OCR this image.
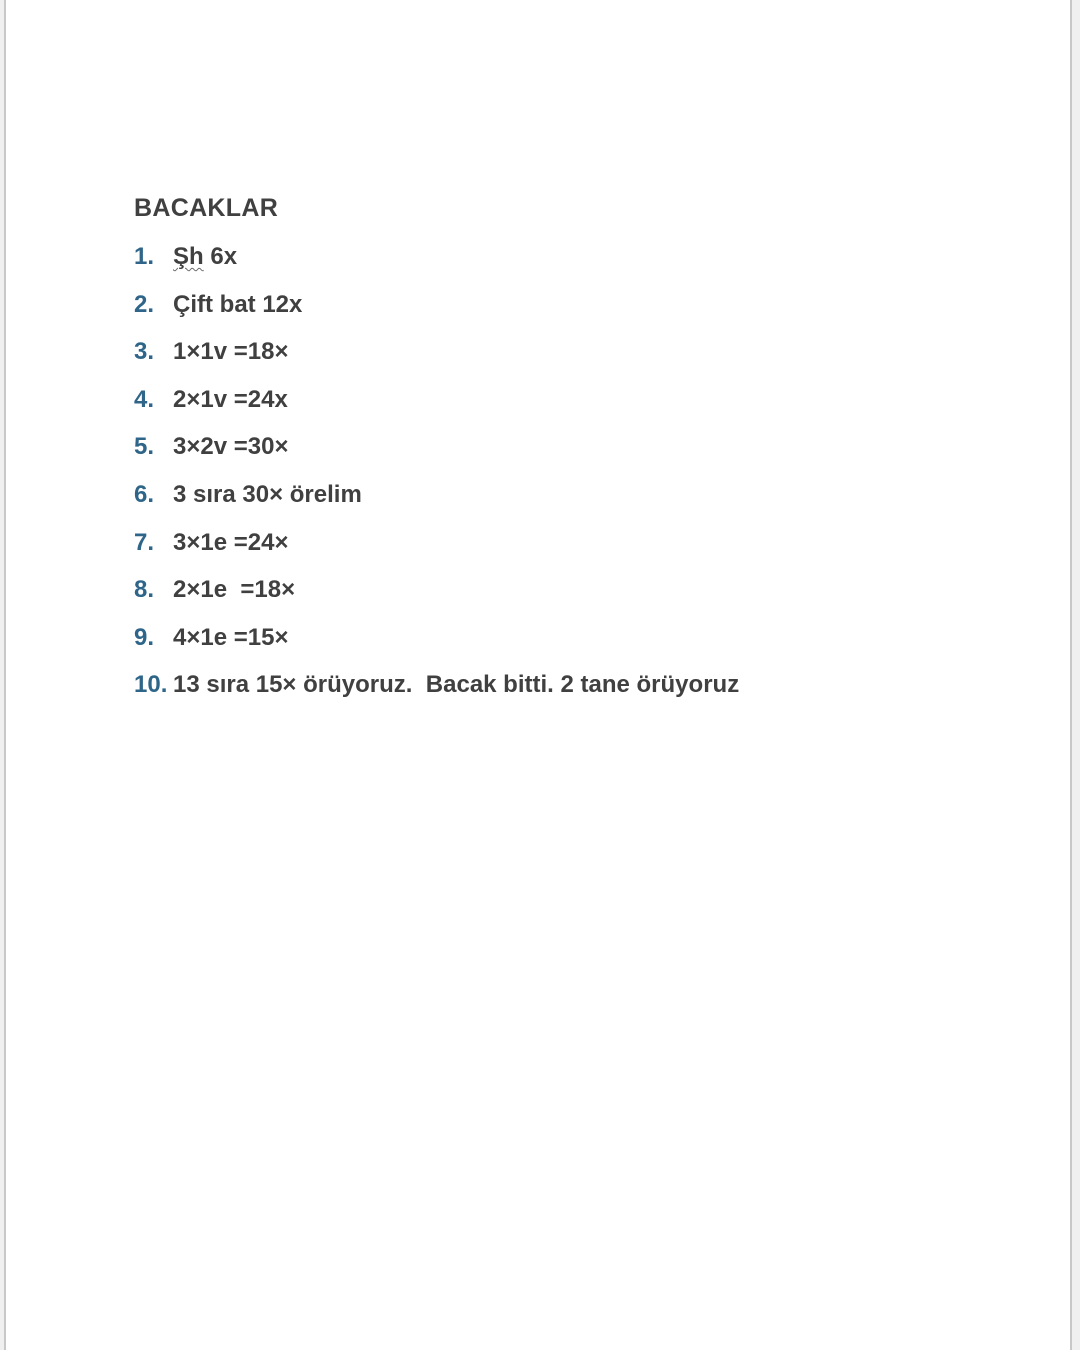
BACAKLAR
1. Şh 6x
2. Çift bat 12x
3. 1×1v =18×
4. 2×1v =24x
5. 3×2v =30×
6. 3 sıra 30× örelim
7. 3×1e =24×
8. 2×1e  =18×
9. 4×1e =15×
10. 13 sıra 15× örüyoruz.  Bacak bitti. 2 tane örüyoruz
